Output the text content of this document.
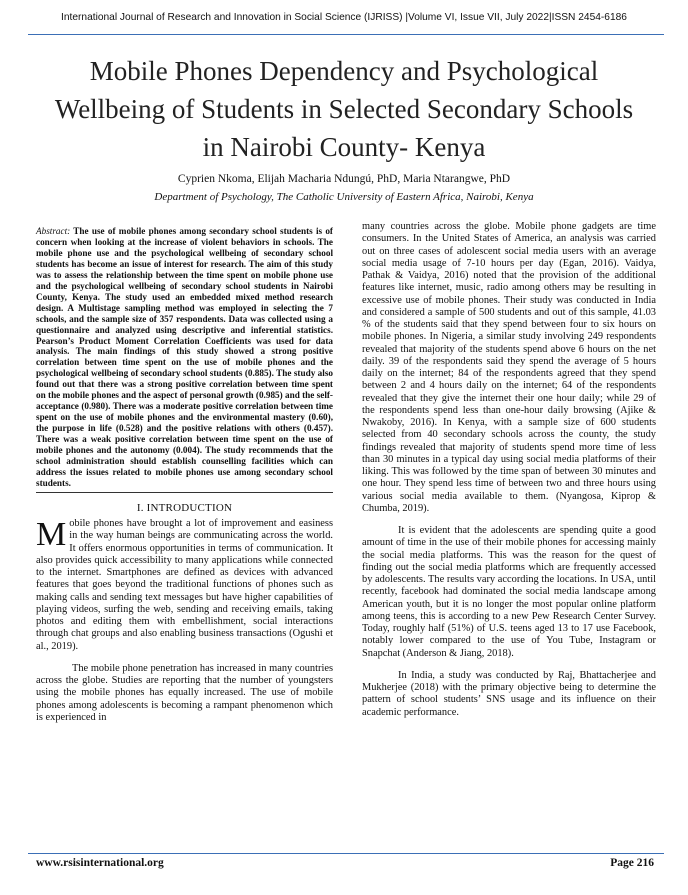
International Journal of Research and Innovation in Social Science (IJRISS) |Volume VI, Issue VII, July 2022|ISSN 2454-6186
Mobile Phones Dependency and Psychological
Wellbeing of Students in Selected Secondary Schools
in Nairobi County- Kenya
Cyprien Nkoma, Elijah Macharia Ndungú, PhD, Maria Ntarangwe, PhD
Department of Psychology, The Catholic University of Eastern Africa, Nairobi, Kenya

Abstract: The use of mobile phones among secondary school students is of concern when looking at the increase of violent behaviors in schools. The mobile phone use and the psychological wellbeing of secondary school students has become an issue of interest for research. The aim of this study was to assess the relationship between the time spent on mobile phone use and the psychological wellbeing of secondary school students in Nairobi County, Kenya. The study used an embedded mixed method research design. A Multistage sampling method was employed in selecting the 7 schools, and the sample size of 357 respondents. Data was collected using a questionnaire and analyzed using descriptive and inferential statistics. Pearson’s Product Moment Correlation Coefficients was used for data analysis. The main findings of this study showed a strong positive correlation between time spent on the use of mobile phones and the psychological wellbeing of secondary school students (0.885). The study also found out that there was a strong positive correlation between time spent on the mobile phones and the aspect of personal growth (0.985) and the self-acceptance (0.980). There was a moderate positive correlation between time spent on the use of mobile phones and the environmental mastery (0.60), the purpose in life (0.528) and the positive relations with others (0.457). There was a weak positive correlation between time spent on the use of mobile phones and the autonomy (0.004). The study recommends that the school administration should establish counselling facilities which can address the issues related to mobile phones use among secondary school students.

I. INTRODUCTION

Mobile phones have brought a lot of improvement and easiness in the way human beings are communicating across the world. It offers enormous opportunities in terms of communication. It also provides quick accessibility to many applications while connected to the internet. Smartphones are defined as devices with advanced features that goes beyond the traditional functions of phones such as making calls and sending text messages but have higher capabilities of playing videos, surfing the web, sending and receiving emails, taking photos and editing them with embellishment, social interactions through chat groups and also enabling business transactions (Ogushi et al., 2019).

The mobile phone penetration has increased in many countries across the globe. Studies are reporting that the number of youngsters using the mobile phones has equally increased. The use of mobile phones among adolescents is becoming a rampant phenomenon which is experienced in

many countries across the globe. Mobile phone gadgets are time consumers. In the United States of America, an analysis was carried out on three cases of adolescent social media users with an average social media usage of 7-10 hours per day (Egan, 2016). Vaidya, Pathak & Vaidya, 2016) noted that the provision of the additional features like internet, music, radio among others may be resulting in excessive use of mobile phones. Their study was conducted in India and considered a sample of 500 students and out of this sample, 41.03 % of the students said that they spend between four to six hours on mobile phones. In Nigeria, a similar study involving 249 respondents revealed that majority of the students spend above 6 hours on the net daily. 39 of the respondents said they spend the average of 5 hours daily on the internet; 84 of the respondents agreed that they spend between 2 and 4 hours daily on the internet; 64 of the respondents revealed that they give the internet their one hour daily; while 29 of the respondents spend less than one-hour daily browsing (Ajike & Nwakoby, 2016). In Kenya, with a sample size of 600 students selected from 40 secondary schools across the county, the study findings revealed that majority of students spend more time of less than 30 minutes in a typical day using social media platforms of their liking. This was followed by the time span of between 30 minutes and one hour. They spend less time of between two and three hours using various social media available to them. (Nyangosa, Kiprop & Chumba, 2019).

It is evident that the adolescents are spending quite a good amount of time in the use of their mobile phones for accessing mainly the social media platforms. This was the reason for the quest of finding out the social media platforms which are frequently accessed by adolescents. The results vary according the locations. In USA, until recently, facebook had dominated the social media landscape among American youth, but it is no longer the most popular online platform among teens, this is according to a new Pew Research Center Survey. Today, roughly half (51%) of U.S. teens aged 13 to 17 use Facebook, notably lower compared to the use of You Tube, Instagram or Snapchat (Anderson & Jiang, 2018).

In India, a study was conducted by Raj, Bhattacherjee and Mukherjee (2018) with the primary objective being to determine the pattern of school students’ SNS usage and its influence on their academic performance.

www.rsisinternational.org	Page 216
